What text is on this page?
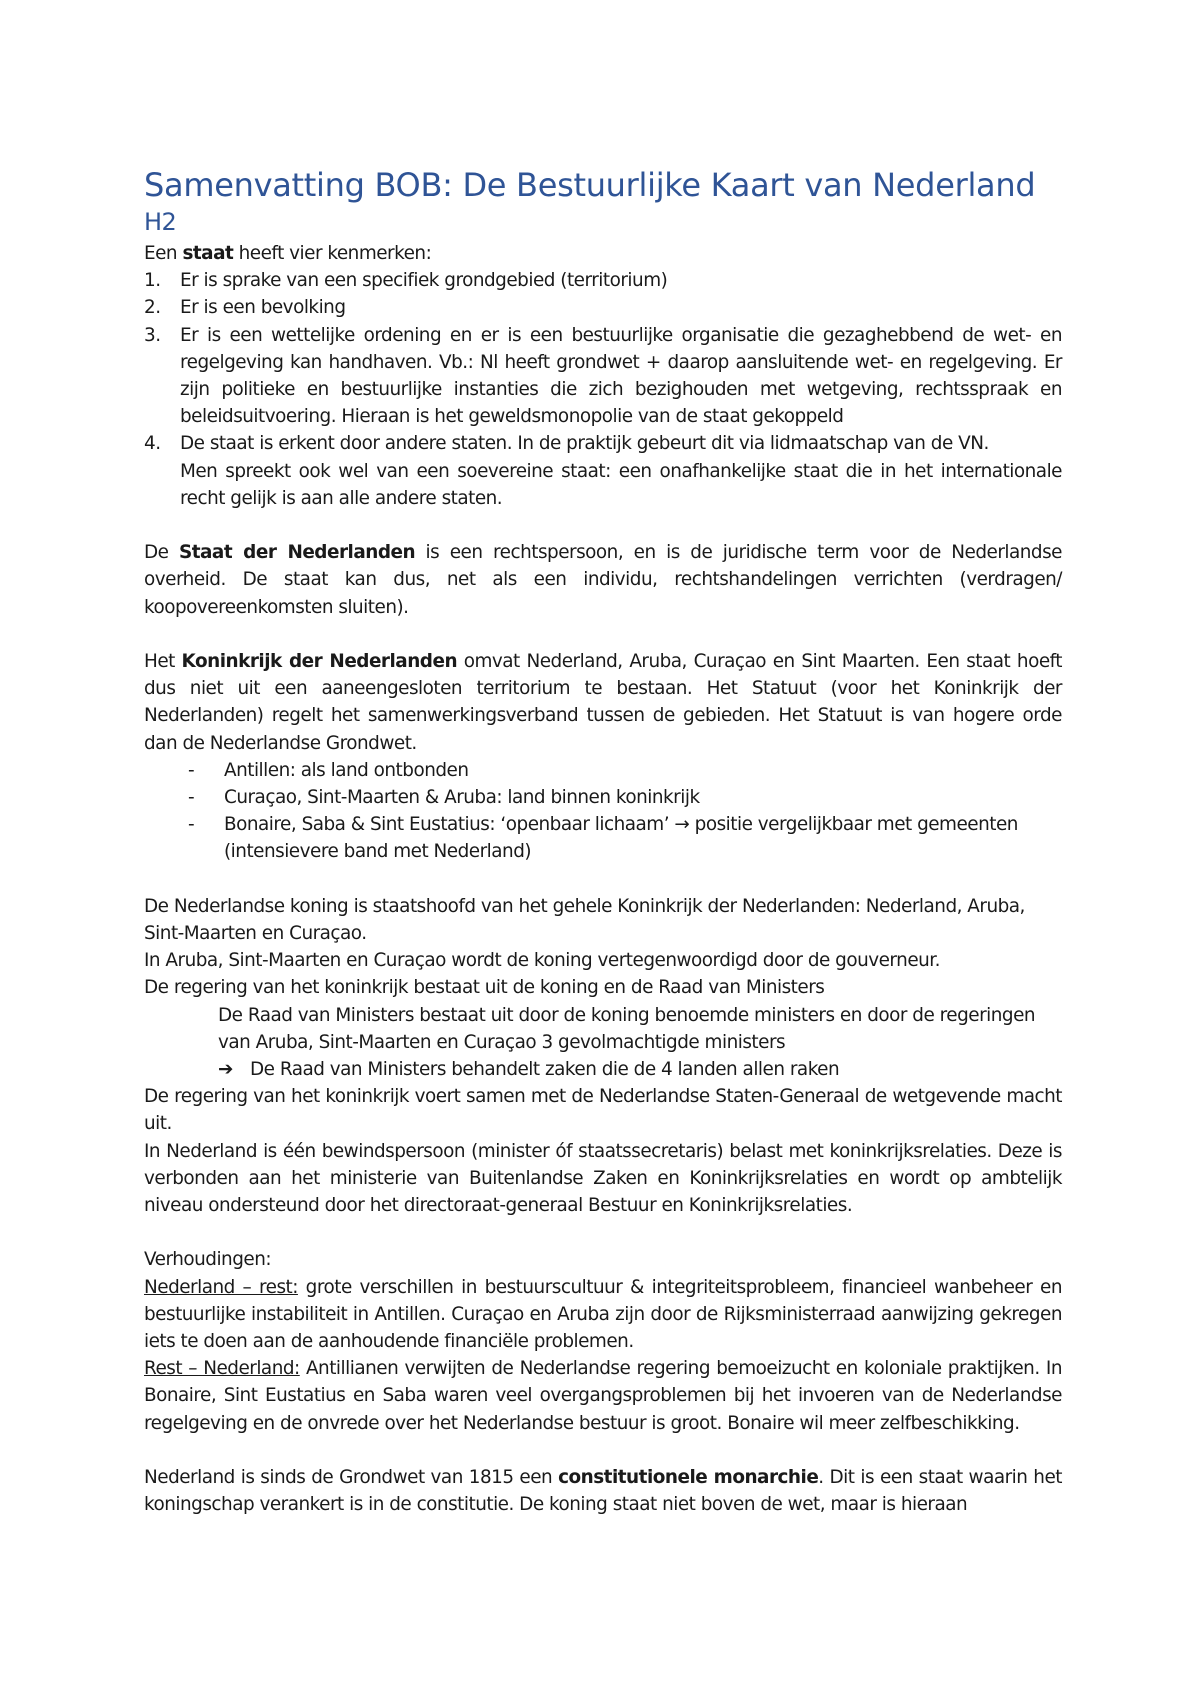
Samenvatting BOB: De Bestuurlijke Kaart van Nederland
H2

Een staat heeft vier kenmerken:

1. Er is sprake van een specifiek grondgebied (territorium)
2. Er is een bevolking
3. Er is een wettelijke ordening en er is een bestuurlijke organisatie die gezaghebbend de wet- en regelgeving kan handhaven. Vb.: Nl heeft grondwet + daarop aansluitende wet- en regelgeving. Er zijn politieke en bestuurlijke instanties die zich bezighouden met wetgeving, rechtsspraak en beleidsuitvoering. Hieraan is het geweldsmonopolie van de staat gekoppeld
4. De staat is erkent door andere staten. In de praktijk gebeurt dit via lidmaatschap van de VN.
Men spreekt ook wel van een soevereine staat: een onafhankelijke staat die in het internationale recht gelijk is aan alle andere staten.

De Staat der Nederlanden is een rechtspersoon, en is de juridische term voor de Nederlandse overheid. De staat kan dus, net als een individu, rechtshandelingen verrichten (verdragen/ koopovereenkomsten sluiten).

Het Koninkrijk der Nederlanden omvat Nederland, Aruba, Curaçao en Sint Maarten. Een staat hoeft dus niet uit een aaneengesloten territorium te bestaan. Het Statuut (voor het Koninkrijk der Nederlanden) regelt het samenwerkingsverband tussen de gebieden. Het Statuut is van hogere orde dan de Nederlandse Grondwet.

- Antillen: als land ontbonden
- Curaçao, Sint-Maarten & Aruba: land binnen koninkrijk
- Bonaire, Saba & Sint Eustatius: ‘openbaar lichaam’ → positie vergelijkbaar met gemeenten (intensievere band met Nederland)

De Nederlandse koning is staatshoofd van het gehele Koninkrijk der Nederlanden: Nederland, Aruba, Sint-Maarten en Curaçao.

In Aruba, Sint-Maarten en Curaçao wordt de koning vertegenwoordigd door de gouverneur.

De regering van het koninkrijk bestaat uit de koning en de Raad van Ministers

De Raad van Ministers bestaat uit door de koning benoemde ministers en door de regeringen van Aruba, Sint-Maarten en Curaçao 3 gevolmachtigde ministers

➔ De Raad van Ministers behandelt zaken die de 4 landen allen raken

De regering van het koninkrijk voert samen met de Nederlandse Staten-Generaal de wetgevende macht uit.

In Nederland is één bewindspersoon (minister óf staatssecretaris) belast met koninkrijksrelaties. Deze is verbonden aan het ministerie van Buitenlandse Zaken en Koninkrijksrelaties en wordt op ambtelijk niveau ondersteund door het directoraat-generaal Bestuur en Koninkrijksrelaties.

Verhoudingen:

Nederland – rest: grote verschillen in bestuurscultuur & integriteitsprobleem, financieel wanbeheer en bestuurlijke instabiliteit in Antillen. Curaçao en Aruba zijn door de Rijksministerraad aanwijzing gekregen iets te doen aan de aanhoudende financiële problemen.

Rest – Nederland: Antillianen verwijten de Nederlandse regering bemoeizucht en koloniale praktijken. In Bonaire, Sint Eustatius en Saba waren veel overgangsproblemen bij het invoeren van de Nederlandse regelgeving en de onvrede over het Nederlandse bestuur is groot. Bonaire wil meer zelfbeschikking.

Nederland is sinds de Grondwet van 1815 een constitutionele monarchie. Dit is een staat waarin het koningschap verankert is in de constitutie. De koning staat niet boven de wet, maar is hieraan
